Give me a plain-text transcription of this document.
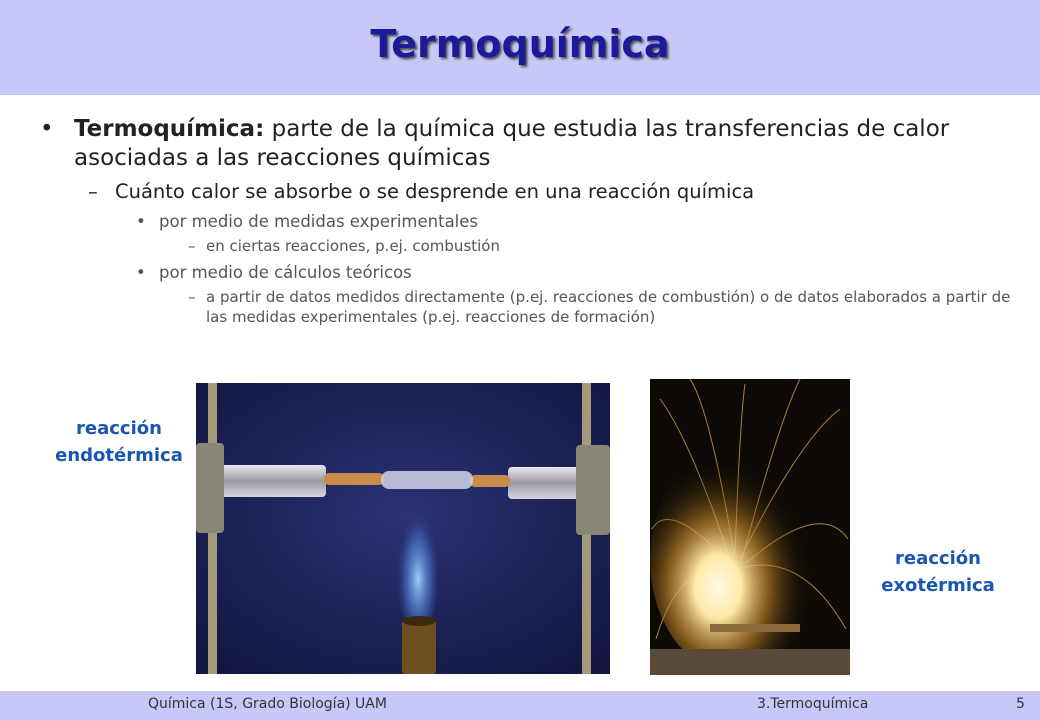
Termoquímica
• Termoquímica: parte de la química que estudia las transferencias de calor asociadas a las reacciones químicas
– Cuánto calor se absorbe o se desprende en una reacción química
• por medio de medidas experimentales
– en ciertas reacciones, p.ej. combustión
• por medio de cálculos teóricos
– a partir de datos medidos directamente (p.ej. reacciones de combustión) o de datos elaborados a partir de las medidas experimentales (p.ej. reacciones de formación)
reacción
endotérmica
reacción
exotérmica
Química (1S, Grado Biología) UAM	3.Termoquímica	5
